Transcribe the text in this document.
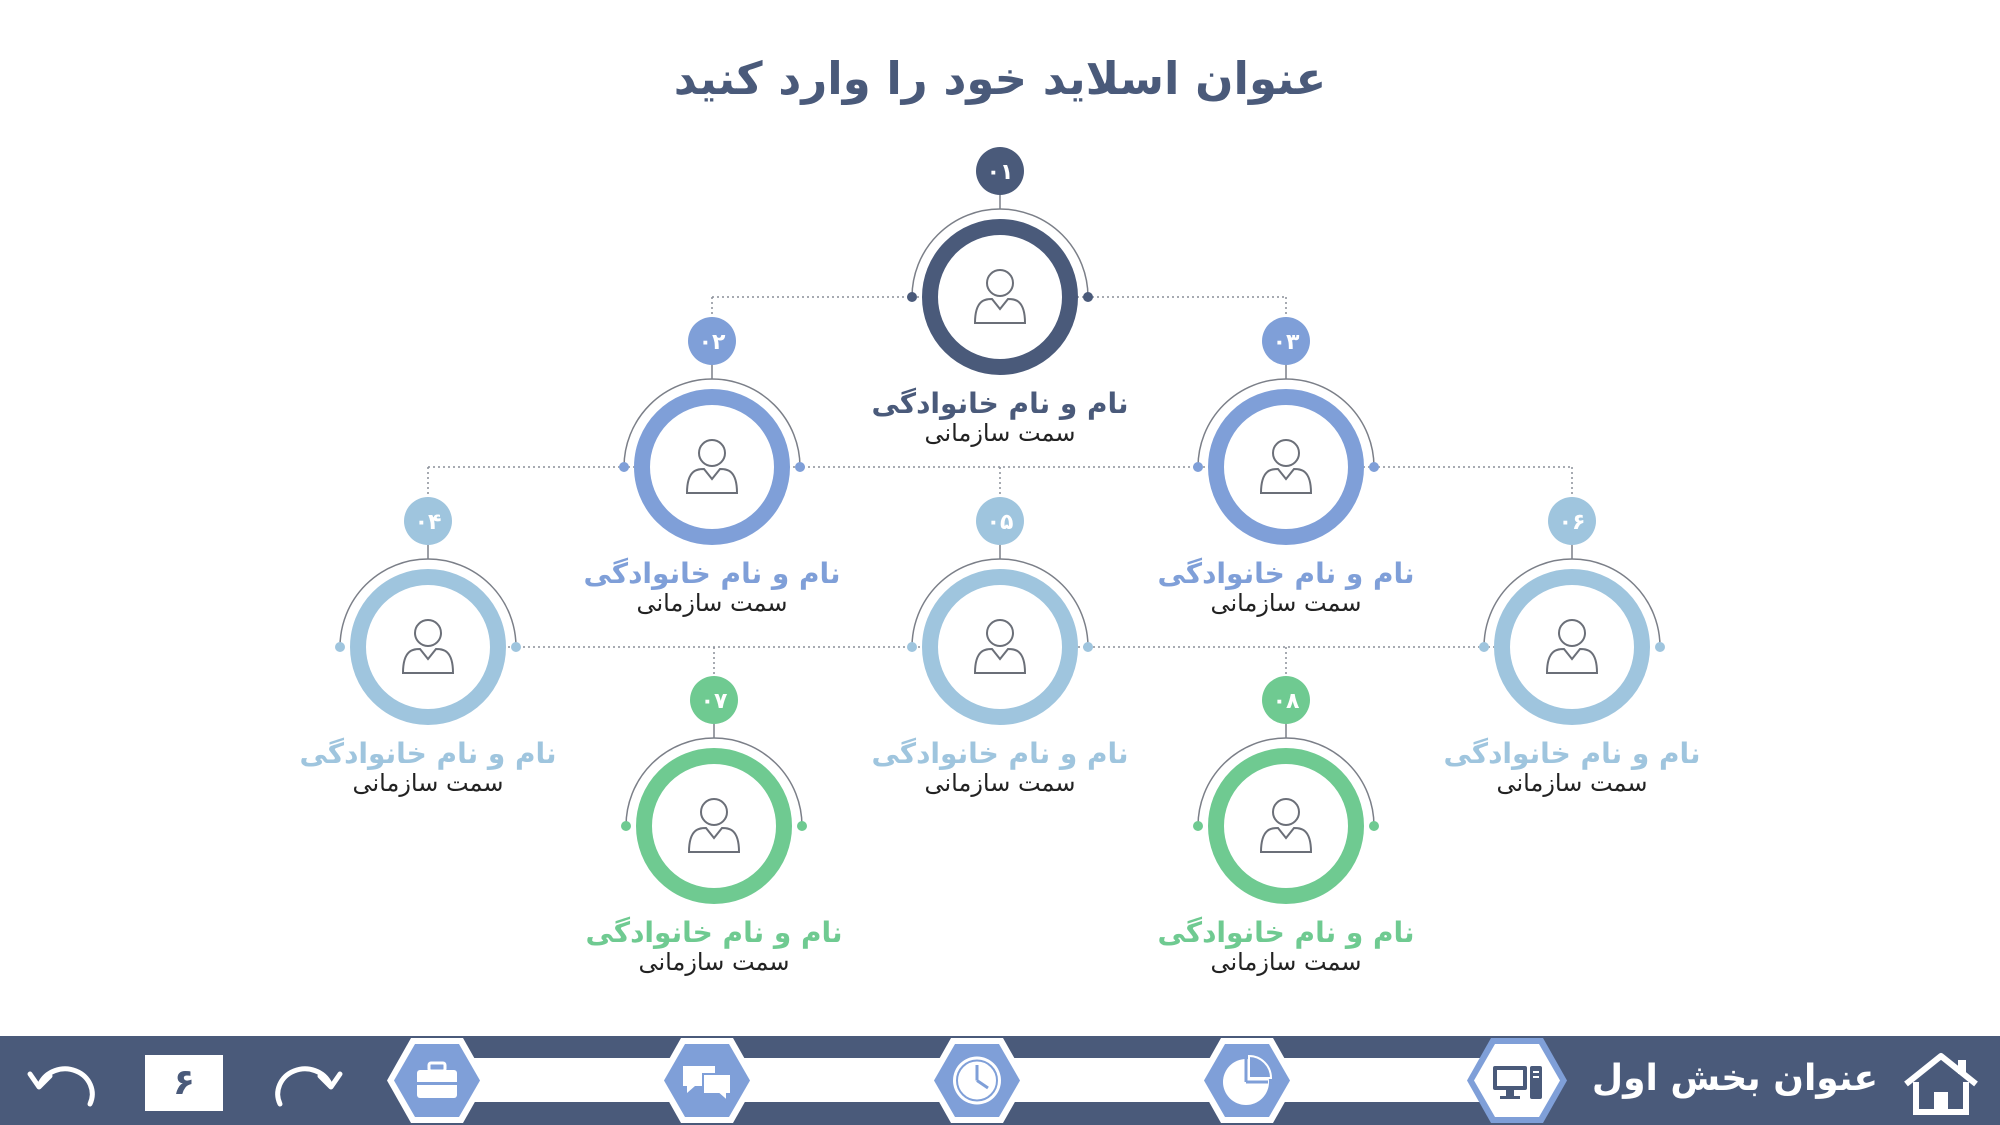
عنوان اسلاید خود را وارد کنید
۰۱
۰۲	۰۳
۰۴	۰۵	۰۶
۰۷	۰۸
نام و نام خانوادگی
سمت سازمانی
نام و نام خانوادگی
سمت سازمانی
نام و نام خانوادگی
سمت سازمانی
نام و نام خانوادگی
سمت سازمانی
نام و نام خانوادگی
سمت سازمانی
نام و نام خانوادگی
سمت سازمانی
نام و نام خانوادگی
سمت سازمانی
نام و نام خانوادگی
سمت سازمانی
عنوان بخش اول
۶
